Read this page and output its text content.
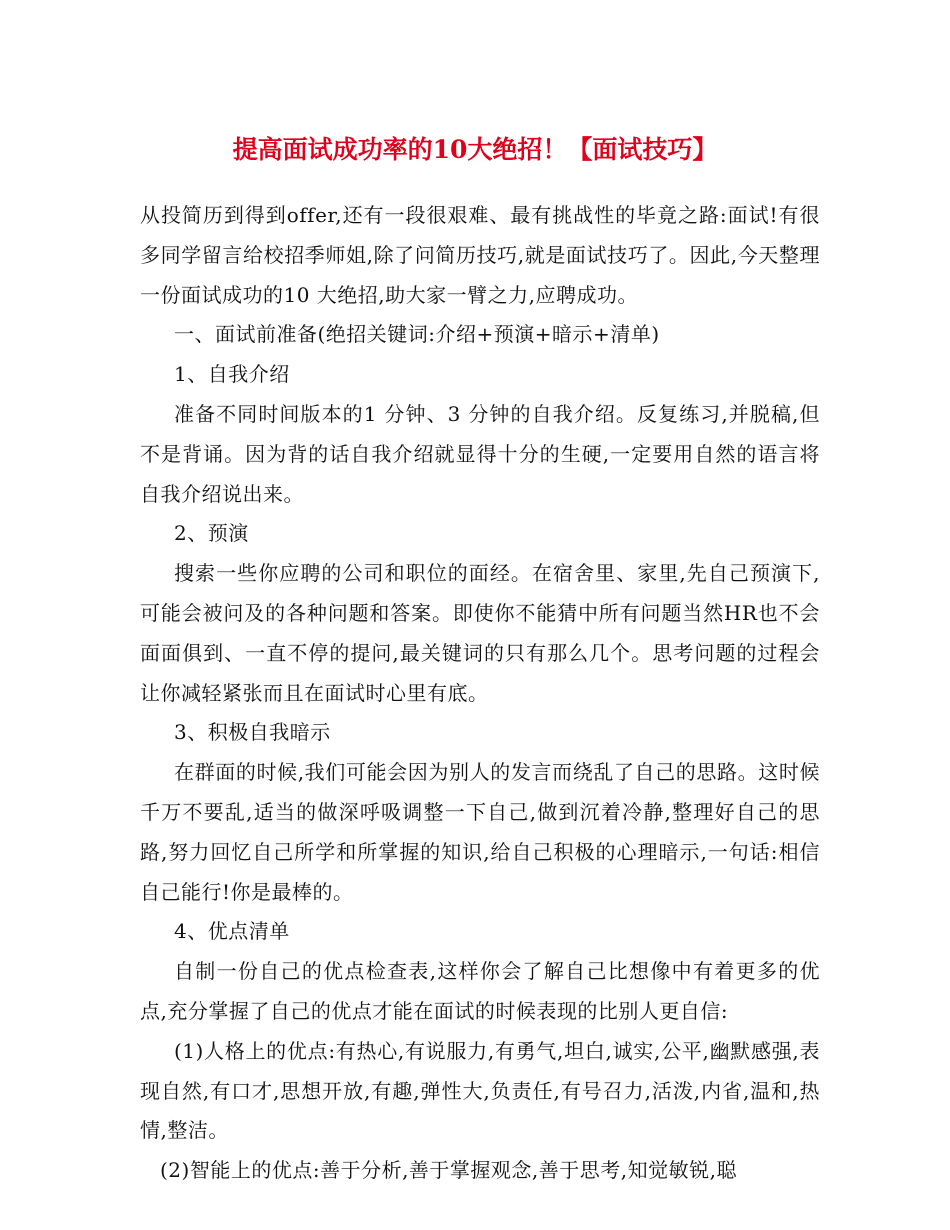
提高面试成功率的10大绝招！【面试技巧】

从投简历到得到offer,还有一段很艰难、最有挑战性的毕竟之路:面试!有很多同学留言给校招季师姐,除了问简历技巧,就是面试技巧了。因此,今天整理一份面试成功的10 大绝招,助大家一臂之力,应聘成功。

一、面试前准备(绝招关键词:介绍+预演+暗示+清单)

1、自我介绍

准备不同时间版本的1 分钟、3 分钟的自我介绍。反复练习,并脱稿,但不是背诵。因为背的话自我介绍就显得十分的生硬,一定要用自然的语言将自我介绍说出来。

2、预演

搜索一些你应聘的公司和职位的面经。在宿舍里、家里,先自己预演下,可能会被问及的各种问题和答案。即使你不能猜中所有问题当然HR也不会面面俱到、一直不停的提问,最关键词的只有那么几个。思考问题的过程会让你减轻紧张而且在面试时心里有底。

3、积极自我暗示

在群面的时候,我们可能会因为别人的发言而绕乱了自己的思路。这时候千万不要乱,适当的做深呼吸调整一下自己,做到沉着冷静,整理好自己的思路,努力回忆自己所学和所掌握的知识,给自己积极的心理暗示,一句话:相信自己能行!你是最棒的。

4、优点清单

自制一份自己的优点检查表,这样你会了解自己比想像中有着更多的优点,充分掌握了自己的优点才能在面试的时候表现的比别人更自信:

(1)人格上的优点:有热心,有说服力,有勇气,坦白,诚实,公平,幽默感强,表现自然,有口才,思想开放,有趣,弹性大,负责任,有号召力,活泼,内省,温和,热情,整洁。

(2)智能上的优点:善于分析,善于掌握观念,善于思考,知觉敏锐,聪
